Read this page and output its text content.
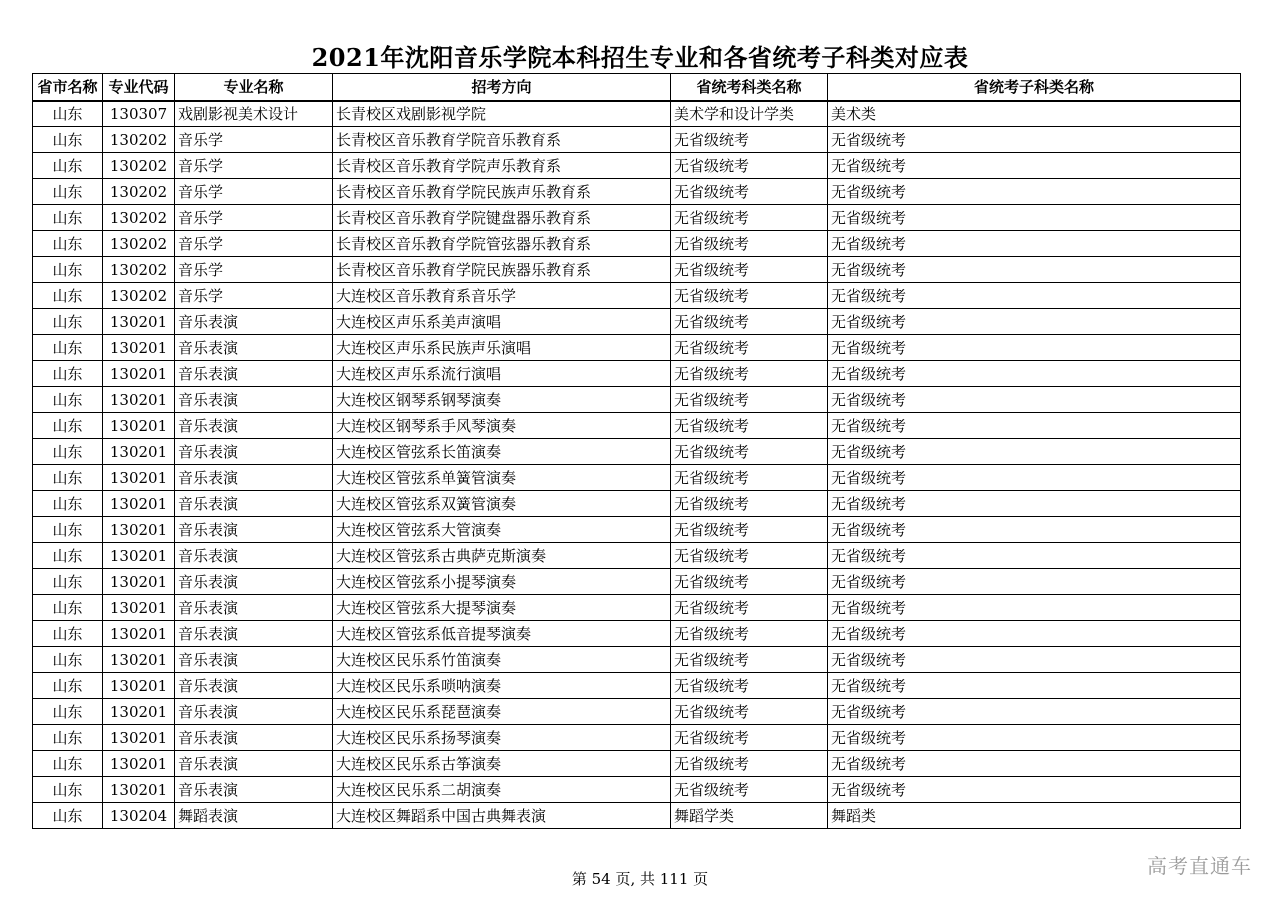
2021年沈阳音乐学院本科招生专业和各省统考子科类对应表
省市名称	专业代码	专业名称	招考方向	省统考科类名称	省统考子科类名称
山东	130307	戏剧影视美术设计	长青校区戏剧影视学院	美术学和设计学类	美术类
山东	130202	音乐学	长青校区音乐教育学院音乐教育系	无省级统考	无省级统考
山东	130202	音乐学	长青校区音乐教育学院声乐教育系	无省级统考	无省级统考
山东	130202	音乐学	长青校区音乐教育学院民族声乐教育系	无省级统考	无省级统考
山东	130202	音乐学	长青校区音乐教育学院键盘器乐教育系	无省级统考	无省级统考
山东	130202	音乐学	长青校区音乐教育学院管弦器乐教育系	无省级统考	无省级统考
山东	130202	音乐学	长青校区音乐教育学院民族器乐教育系	无省级统考	无省级统考
山东	130202	音乐学	大连校区音乐教育系音乐学	无省级统考	无省级统考
山东	130201	音乐表演	大连校区声乐系美声演唱	无省级统考	无省级统考
山东	130201	音乐表演	大连校区声乐系民族声乐演唱	无省级统考	无省级统考
山东	130201	音乐表演	大连校区声乐系流行演唱	无省级统考	无省级统考
山东	130201	音乐表演	大连校区钢琴系钢琴演奏	无省级统考	无省级统考
山东	130201	音乐表演	大连校区钢琴系手风琴演奏	无省级统考	无省级统考
山东	130201	音乐表演	大连校区管弦系长笛演奏	无省级统考	无省级统考
山东	130201	音乐表演	大连校区管弦系单簧管演奏	无省级统考	无省级统考
山东	130201	音乐表演	大连校区管弦系双簧管演奏	无省级统考	无省级统考
山东	130201	音乐表演	大连校区管弦系大管演奏	无省级统考	无省级统考
山东	130201	音乐表演	大连校区管弦系古典萨克斯演奏	无省级统考	无省级统考
山东	130201	音乐表演	大连校区管弦系小提琴演奏	无省级统考	无省级统考
山东	130201	音乐表演	大连校区管弦系大提琴演奏	无省级统考	无省级统考
山东	130201	音乐表演	大连校区管弦系低音提琴演奏	无省级统考	无省级统考
山东	130201	音乐表演	大连校区民乐系竹笛演奏	无省级统考	无省级统考
山东	130201	音乐表演	大连校区民乐系唢呐演奏	无省级统考	无省级统考
山东	130201	音乐表演	大连校区民乐系琵琶演奏	无省级统考	无省级统考
山东	130201	音乐表演	大连校区民乐系扬琴演奏	无省级统考	无省级统考
山东	130201	音乐表演	大连校区民乐系古筝演奏	无省级统考	无省级统考
山东	130201	音乐表演	大连校区民乐系二胡演奏	无省级统考	无省级统考
山东	130204	舞蹈表演	大连校区舞蹈系中国古典舞表演	舞蹈学类	舞蹈类
第 54 页, 共 111 页
高考直通车
